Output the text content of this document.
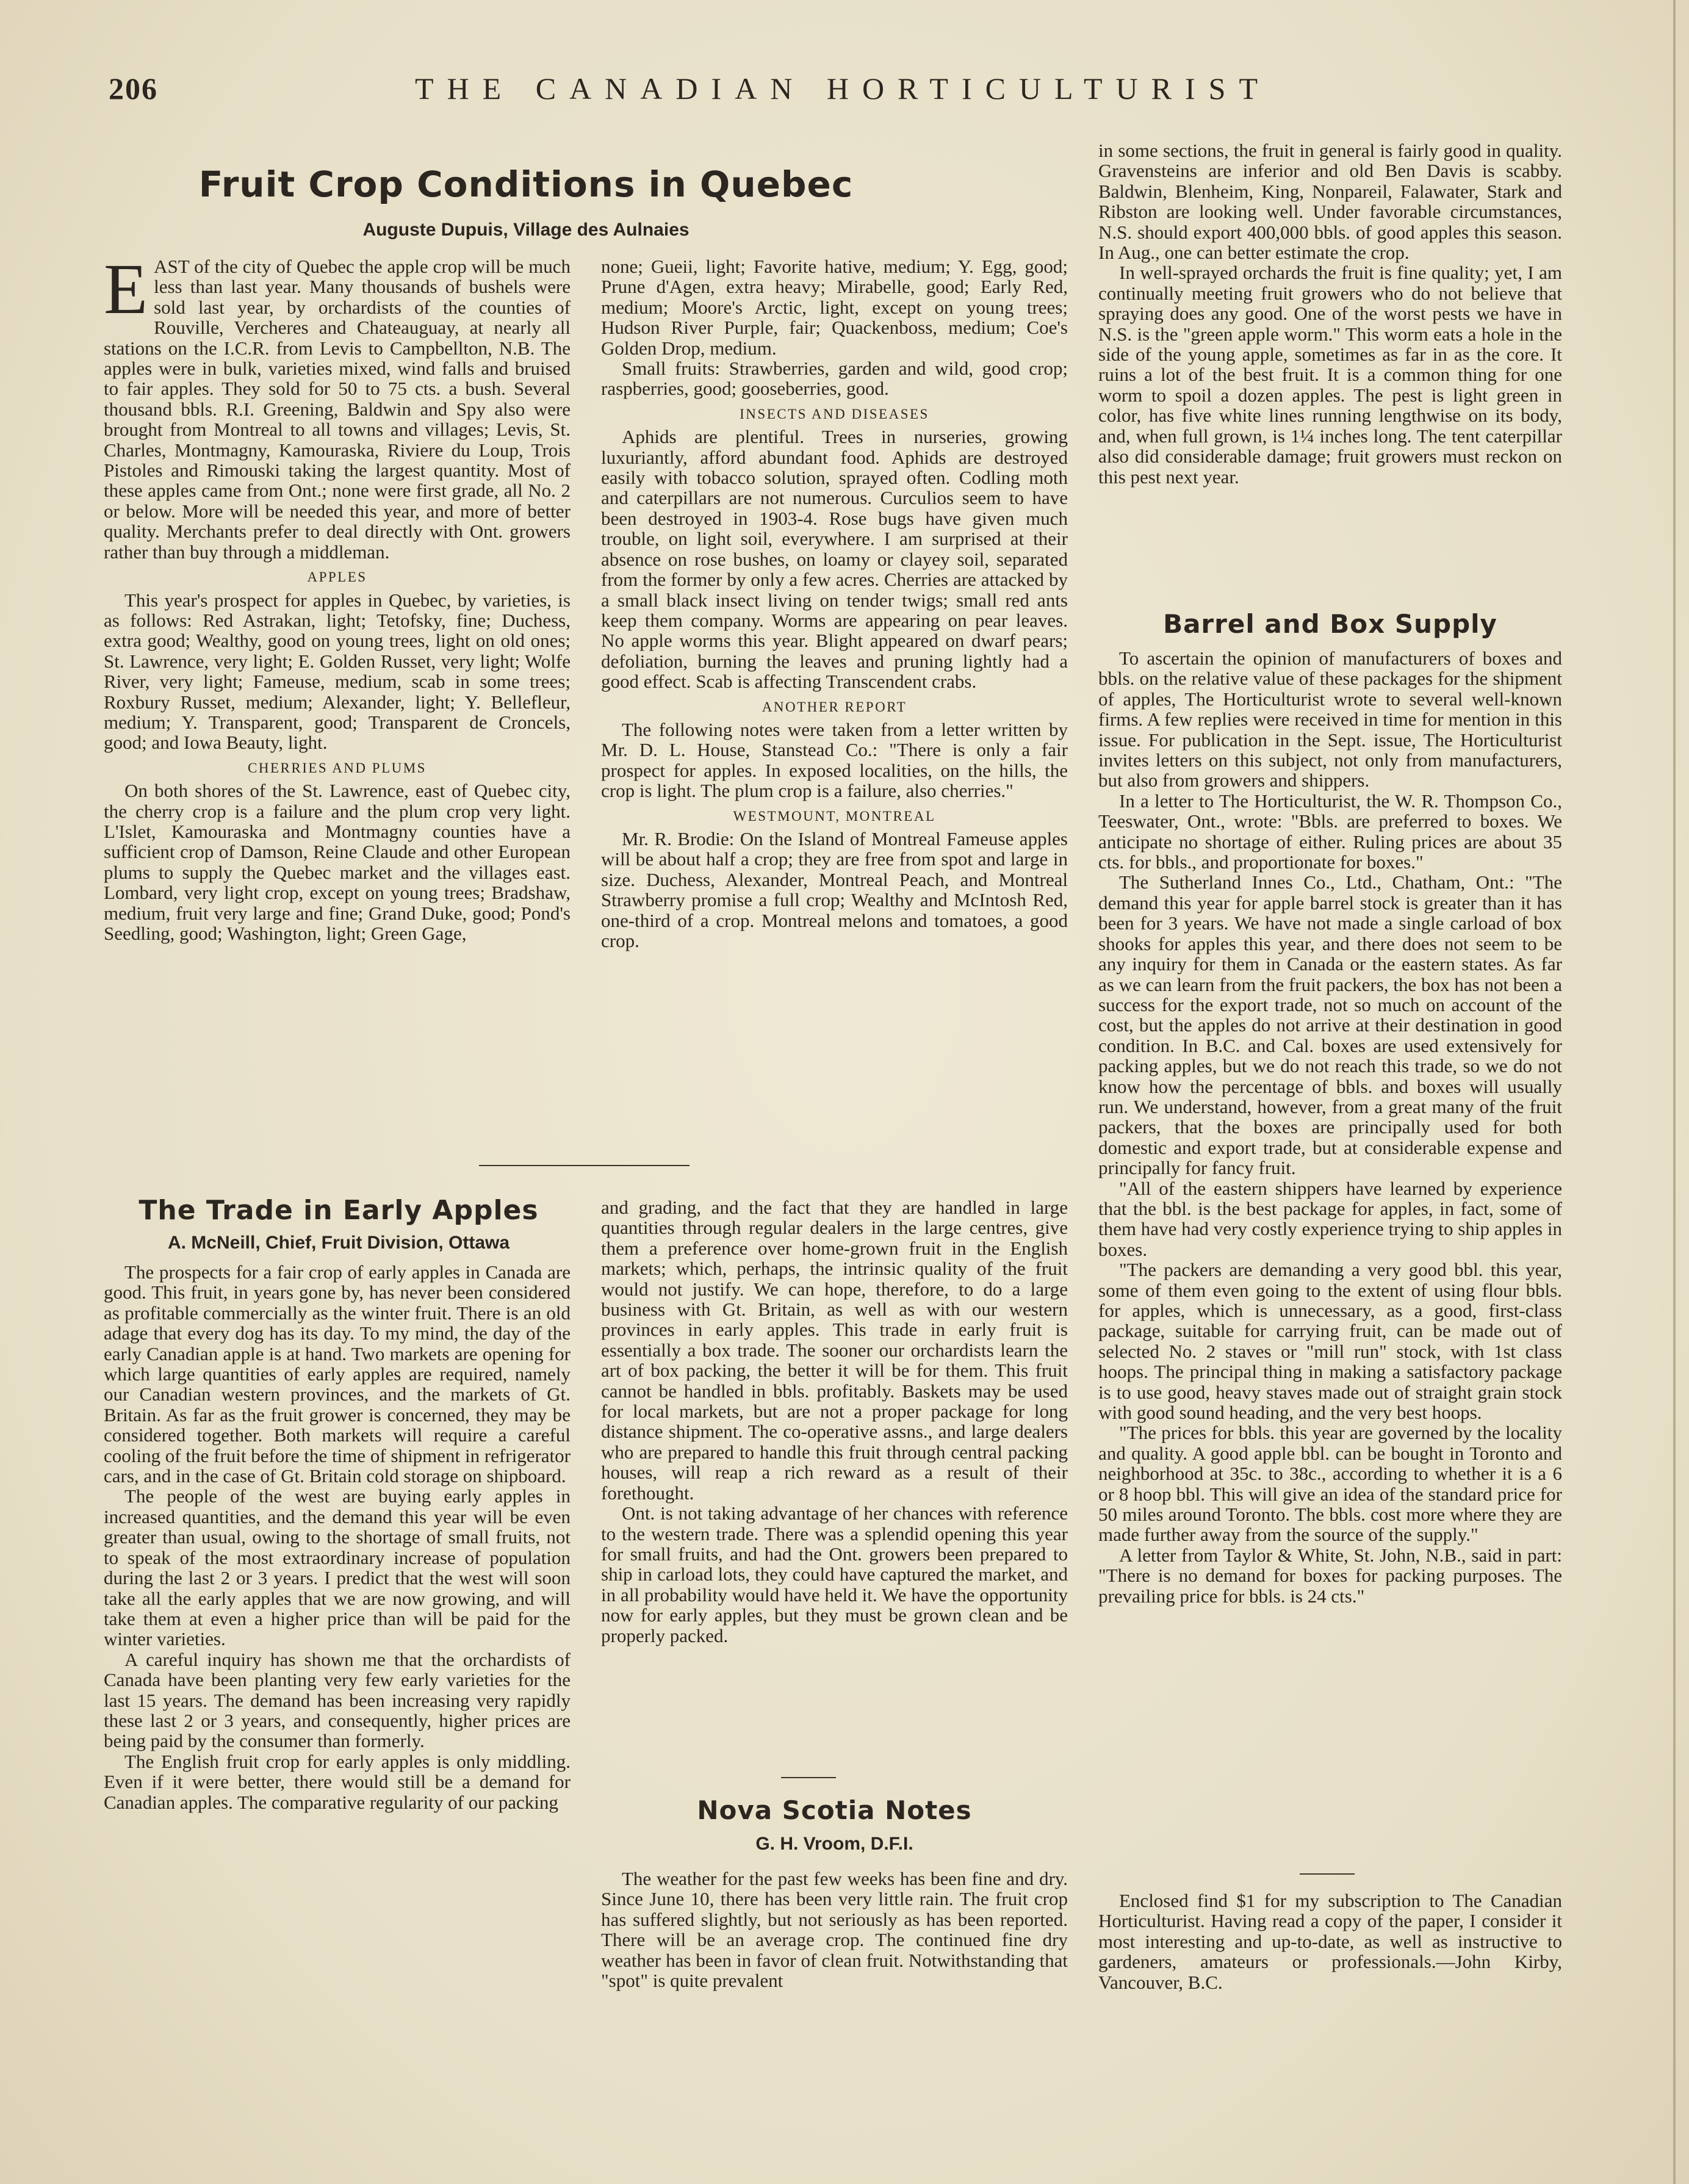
206	THE CANADIAN HORTICULTURIST
Fruit Crop Conditions in Quebec
Auguste Dupuis, Village des Aulnaies

EAST of the city of Quebec the apple crop will be much less than last year. Many thousands of bushels were sold last year, by orchardists of the counties of Rouville, Vercheres and Chateauguay, at nearly all stations on the I.C.R. from Levis to Campbellton, N.B. The apples were in bulk, varieties mixed, wind falls and bruised to fair apples. They sold for 50 to 75 cts. a bush. Several thousand bbls. R.I. Greening, Baldwin and Spy also were brought from Montreal to all towns and villages; Levis, St. Charles, Montmagny, Kamouraska, Riviere du Loup, Trois Pistoles and Rimouski taking the largest quantity. Most of these apples came from Ont.; none were first grade, all No. 2 or below. More will be needed this year, and more of better quality. Merchants prefer to deal directly with Ont. growers rather than buy through a middleman.

APPLES

This year's prospect for apples in Quebec, by varieties, is as follows: Red Astrakan, light; Tetofsky, fine; Duchess, extra good; Wealthy, good on young trees, light on old ones; St. Lawrence, very light; E. Golden Russet, very light; Wolfe River, very light; Fameuse, medium, scab in some trees; Roxbury Russet, medium; Alexander, light; Y. Bellefleur, medium; Y. Transparent, good; Transparent de Croncels, good; and Iowa Beauty, light.

CHERRIES AND PLUMS

On both shores of the St. Lawrence, east of Quebec city, the cherry crop is a failure and the plum crop very light. L'Islet, Kamouraska and Montmagny counties have a sufficient crop of Damson, Reine Claude and other European plums to supply the Quebec market and the villages east. Lombard, very light crop, except on young trees; Bradshaw, medium, fruit very large and fine; Grand Duke, good; Pond's Seedling, good; Washington, light; Green Gage,

none; Gueii, light; Favorite hative, medium; Y. Egg, good; Prune d'Agen, extra heavy; Mirabelle, good; Early Red, medium; Moore's Arctic, light, except on young trees; Hudson River Purple, fair; Quackenboss, medium; Coe's Golden Drop, medium.

Small fruits: Strawberries, garden and wild, good crop; raspberries, good; gooseberries, good.

INSECTS AND DISEASES

Aphids are plentiful. Trees in nurseries, growing luxuriantly, afford abundant food. Aphids are destroyed easily with tobacco solution, sprayed often. Codling moth and caterpillars are not numerous. Curculios seem to have been destroyed in 1903-4. Rose bugs have given much trouble, on light soil, everywhere. I am surprised at their absence on rose bushes, on loamy or clayey soil, separated from the former by only a few acres. Cherries are attacked by a small black insect living on tender twigs; small red ants keep them company. Worms are appearing on pear leaves. No apple worms this year. Blight appeared on dwarf pears; defoliation, burning the leaves and pruning lightly had a good effect. Scab is affecting Transcendent crabs.

ANOTHER REPORT

The following notes were taken from a letter written by Mr. D. L. House, Stanstead Co.: "There is only a fair prospect for apples. In exposed localities, on the hills, the crop is light. The plum crop is a failure, also cherries."

WESTMOUNT, MONTREAL

Mr. R. Brodie: On the Island of Montreal Fameuse apples will be about half a crop; they are free from spot and large in size. Duchess, Alexander, Montreal Peach, and Montreal Strawberry promise a full crop; Wealthy and McIntosh Red, one-third of a crop. Montreal melons and tomatoes, a good crop.

The Trade in Early Apples
A. McNeill, Chief, Fruit Division, Ottawa

The prospects for a fair crop of early apples in Canada are good. This fruit, in years gone by, has never been considered as profitable commercially as the winter fruit. There is an old adage that every dog has its day. To my mind, the day of the early Canadian apple is at hand. Two markets are opening for which large quantities of early apples are required, namely our Canadian western provinces, and the markets of Gt. Britain. As far as the fruit grower is concerned, they may be considered together. Both markets will require a careful cooling of the fruit before the time of shipment in refrigerator cars, and in the case of Gt. Britain cold storage on shipboard.

The people of the west are buying early apples in increased quantities, and the demand this year will be even greater than usual, owing to the shortage of small fruits, not to speak of the most extraordinary increase of population during the last 2 or 3 years. I predict that the west will soon take all the early apples that we are now growing, and will take them at even a higher price than will be paid for the winter varieties.

A careful inquiry has shown me that the orchardists of Canada have been planting very few early varieties for the last 15 years. The demand has been increasing very rapidly these last 2 or 3 years, and consequently, higher prices are being paid by the consumer than formerly.

The English fruit crop for early apples is only middling. Even if it were better, there would still be a demand for Canadian apples. The comparative regularity of our packing

and grading, and the fact that they are handled in large quantities through regular dealers in the large centres, give them a preference over home-grown fruit in the English markets; which, perhaps, the intrinsic quality of the fruit would not justify. We can hope, therefore, to do a large business with Gt. Britain, as well as with our western provinces in early apples. This trade in early fruit is essentially a box trade. The sooner our orchardists learn the art of box packing, the better it will be for them. This fruit cannot be handled in bbls. profitably. Baskets may be used for local markets, but are not a proper package for long distance shipment. The co-operative assns., and large dealers who are prepared to handle this fruit through central packing houses, will reap a rich reward as a result of their forethought.

Ont. is not taking advantage of her chances with reference to the western trade. There was a splendid opening this year for small fruits, and had the Ont. growers been prepared to ship in carload lots, they could have captured the market, and in all probability would have held it. We have the opportunity now for early apples, but they must be grown clean and be properly packed.

Nova Scotia Notes
G. H. Vroom, D.F.I.

The weather for the past few weeks has been fine and dry. Since June 10, there has been very little rain. The fruit crop has suffered slightly, but not seriously as has been reported. There will be an average crop. The continued fine dry weather has been in favor of clean fruit. Notwithstanding that "spot" is quite prevalent

in some sections, the fruit in general is fairly good in quality. Gravensteins are inferior and old Ben Davis is scabby. Baldwin, Blenheim, King, Nonpareil, Falawater, Stark and Ribston are looking well. Under favorable circumstances, N.S. should export 400,000 bbls. of good apples this season. In Aug., one can better estimate the crop.

In well-sprayed orchards the fruit is fine quality; yet, I am continually meeting fruit growers who do not believe that spraying does any good. One of the worst pests we have in N.S. is the "green apple worm." This worm eats a hole in the side of the young apple, sometimes as far in as the core. It ruins a lot of the best fruit. It is a common thing for one worm to spoil a dozen apples. The pest is light green in color, has five white lines running lengthwise on its body, and, when full grown, is 1¼ inches long. The tent caterpillar also did considerable damage; fruit growers must reckon on this pest next year.

Barrel and Box Supply

To ascertain the opinion of manufacturers of boxes and bbls. on the relative value of these packages for the shipment of apples, The Horticulturist wrote to several well-known firms. A few replies were received in time for mention in this issue. For publication in the Sept. issue, The Horticulturist invites letters on this subject, not only from manufacturers, but also from growers and shippers.

In a letter to The Horticulturist, the W. R. Thompson Co., Teeswater, Ont., wrote: "Bbls. are preferred to boxes. We anticipate no shortage of either. Ruling prices are about 35 cts. for bbls., and proportionate for boxes."

The Sutherland Innes Co., Ltd., Chatham, Ont.: "The demand this year for apple barrel stock is greater than it has been for 3 years. We have not made a single carload of box shooks for apples this year, and there does not seem to be any inquiry for them in Canada or the eastern states. As far as we can learn from the fruit packers, the box has not been a success for the export trade, not so much on account of the cost, but the apples do not arrive at their destination in good condition. In B.C. and Cal. boxes are used extensively for packing apples, but we do not reach this trade, so we do not know how the percentage of bbls. and boxes will usually run. We understand, however, from a great many of the fruit packers, that the boxes are principally used for both domestic and export trade, but at considerable expense and principally for fancy fruit.

"All of the eastern shippers have learned by experience that the bbl. is the best package for apples, in fact, some of them have had very costly experience trying to ship apples in boxes.

"The packers are demanding a very good bbl. this year, some of them even going to the extent of using flour bbls. for apples, which is unnecessary, as a good, first-class package, suitable for carrying fruit, can be made out of selected No. 2 staves or "mill run" stock, with 1st class hoops. The principal thing in making a satisfactory package is to use good, heavy staves made out of straight grain stock with good sound heading, and the very best hoops.

"The prices for bbls. this year are governed by the locality and quality. A good apple bbl. can be bought in Toronto and neighborhood at 35c. to 38c., according to whether it is a 6 or 8 hoop bbl. This will give an idea of the standard price for 50 miles around Toronto. The bbls. cost more where they are made further away from the source of the supply."

A letter from Taylor & White, St. John, N.B., said in part: "There is no demand for boxes for packing purposes. The prevailing price for bbls. is 24 cts."

Enclosed find $1 for my subscription to The Canadian Horticulturist. Having read a copy of the paper, I consider it most interesting and up-to-date, as well as instructive to gardeners, amateurs or professionals.—John Kirby, Vancouver, B.C.
